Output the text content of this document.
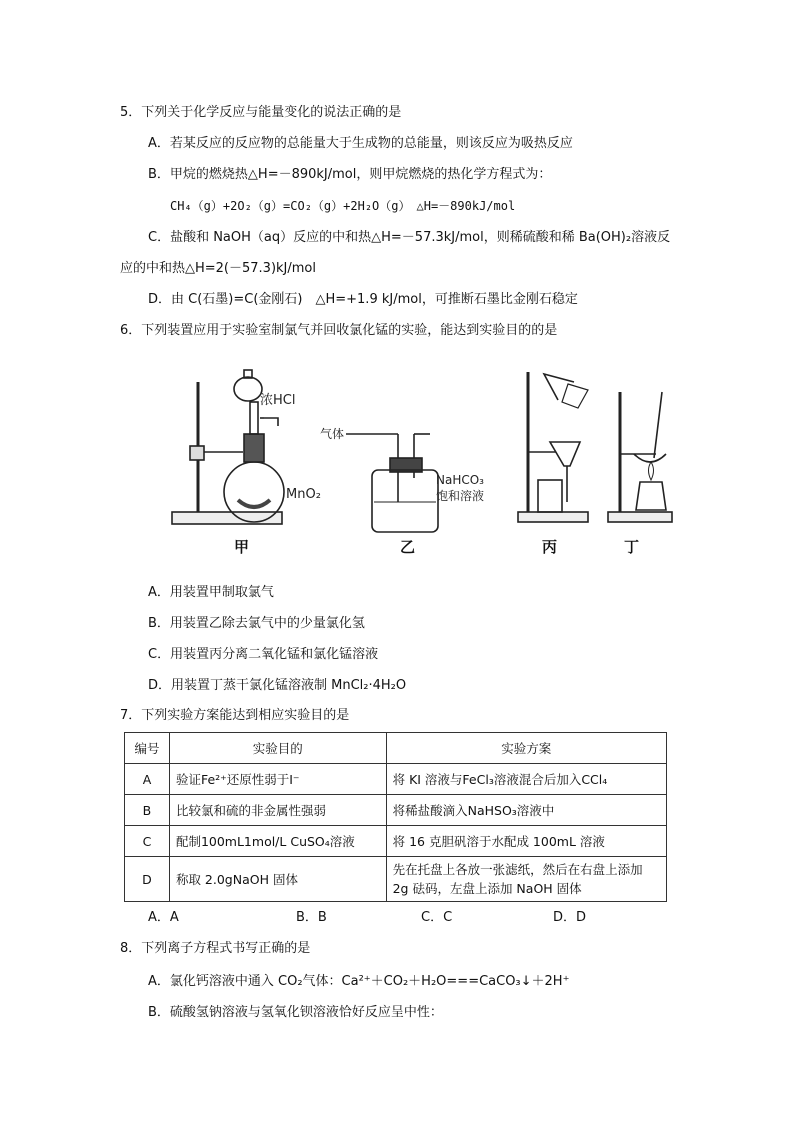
5．下列关于化学反应与能量变化的说法正确的是
A．若某反应的反应物的总能量大于生成物的总能量，则该反应为吸热反应
B．甲烷的燃烧热△H=－890kJ/mol，则甲烷燃烧的热化学方程式为：
CH₄（g）+2O₂（g）=CO₂（g）+2H₂O（g）　△H=－890kJ/mol
C．盐酸和 NaOH（aq）反应的中和热△H=－57.3kJ/mol，则稀硫酸和稀 Ba(OH)₂溶液反
应的中和热△H=2(－57.3)kJ/mol
D．由 C(石墨)=C(金刚石)　△H=+1.9 kJ/mol，可推断石墨比金刚石稳定
6．下列装置应用于实验室制氯气并回收氯化锰的实验，能达到实验目的的是
浓HCl
MnO₂
气体
NaHCO₃
饱和溶液
甲	乙	丙	丁
A．用装置甲制取氯气
B．用装置乙除去氯气中的少量氯化氢
C．用装置丙分离二氧化锰和氯化锰溶液
D．用装置丁蒸干氯化锰溶液制 MnCl₂·4H₂O
7．下列实验方案能达到相应实验目的是
编号	实验目的	实验方案
A	验证Fe²⁺还原性弱于I⁻	将 KI 溶液与FeCl₃溶液混合后加入CCl₄
B	比较氯和硫的非金属性强弱	将稀盐酸滴入NaHSO₃溶液中
C	配制100mL1mol/L CuSO₄溶液	将 16 克胆矾溶于水配成 100mL 溶液
D	称取 2.0gNaOH 固体	先在托盘上各放一张滤纸，然后在右盘上添加
2g 砝码，左盘上添加 NaOH 固体
A．A	B．B	C．C	D．D
8．下列离子方程式书写正确的是
A．氯化钙溶液中通入 CO₂气体：Ca²⁺＋CO₂＋H₂O===CaCO₃↓＋2H⁺
B．硫酸氢钠溶液与氢氧化钡溶液恰好反应呈中性：
